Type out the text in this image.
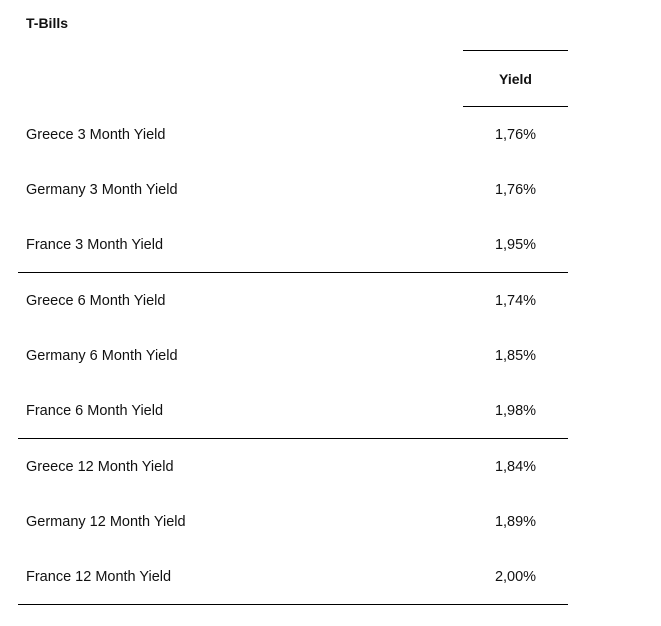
T-Bills
Yield
Greece 3 Month Yield	1,76%
Germany 3 Month Yield	1,76%
France 3 Month Yield	1,95%
Greece 6 Month Yield	1,74%
Germany 6 Month Yield	1,85%
France 6 Month Yield	1,98%
Greece 12 Month Yield	1,84%
Germany 12 Month Yield	1,89%
France 12 Month Yield	2,00%
